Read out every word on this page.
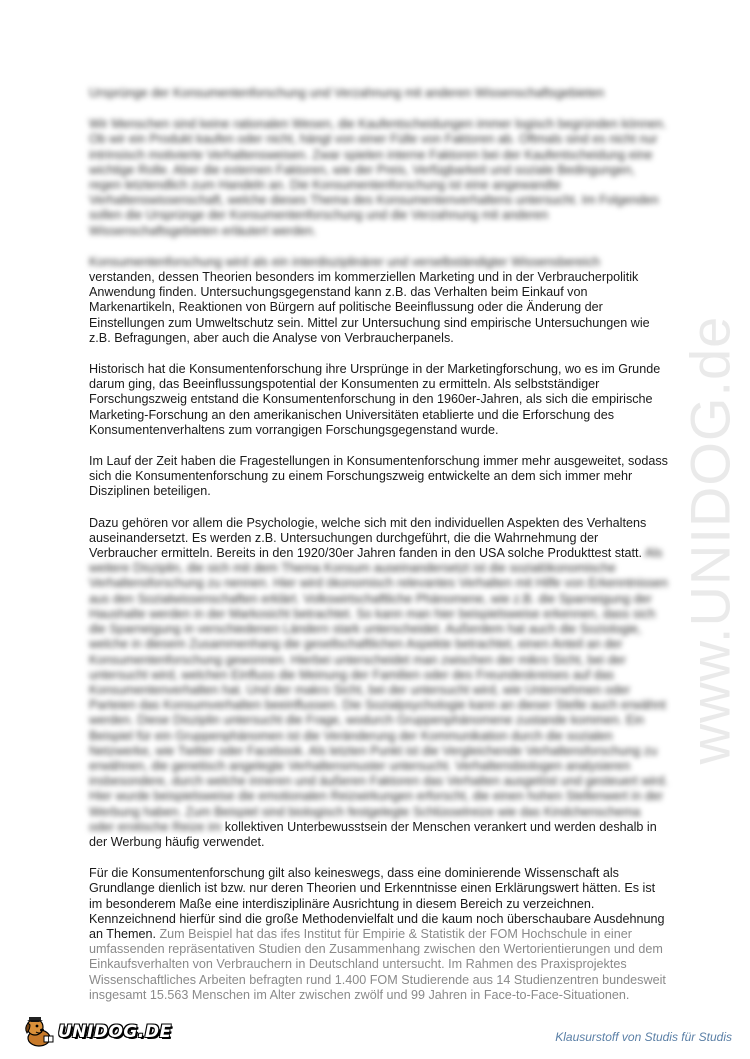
www.UNIDOG.de
Ursprünge der Konsumentenforschung und Verzahnung mit anderen Wissenschaftsgebieten

Wir Menschen sind keine rationalen Wesen, die Kaufentscheidungen immer logisch begründen können. Ob wir ein Produkt kaufen oder nicht, hängt von einer Fülle von Faktoren ab. Oftmals sind es nicht nur intrinsisch motivierte Verhaltensweisen. Zwar spielen interne Faktoren bei der Kaufentscheidung eine wichtige Rolle. Aber die externen Faktoren, wie der Preis, Verfügbarkeit und soziale Bedingungen, regen letztendlich zum Handeln an. Die Konsumentenforschung ist eine angewandte Verhaltenswissenschaft, welche dieses Thema des Konsumentenverhaltens untersucht. Im Folgenden sollen die Ursprünge der Konsumentenforschung und die Verzahnung mit anderen Wissenschaftsgebieten erläutert werden.

Konsumentenforschung wird als ein interdisziplinärer und verselbständigter Wissensbereich verstanden, dessen Theorien besonders im kommerziellen Marketing und in der Verbraucherpolitik Anwendung finden. Untersuchungsgegenstand kann z.B. das Verhalten beim Einkauf von Markenartikeln, Reaktionen von Bürgern auf politische Beeinflussung oder die Änderung der Einstellungen zum Umweltschutz sein. Mittel zur Untersuchung sind empirische Untersuchungen wie z.B. Befragungen, aber auch die Analyse von Verbraucherpanels.

Historisch hat die Konsumentenforschung ihre Ursprünge in der Marketingforschung, wo es im Grunde darum ging, das Beeinflussungspotential der Konsumenten zu ermitteln. Als selbstständiger Forschungszweig entstand die Konsumentenforschung in den 1960er-Jahren, als sich die empirische Marketing-Forschung an den amerikanischen Universitäten etablierte und die Erforschung des Konsumentenverhaltens zum vorrangigen Forschungsgegenstand wurde.

Im Lauf der Zeit haben die Fragestellungen in Konsumentenforschung immer mehr ausgeweitet, sodass sich die Konsumentenforschung zu einem Forschungszweig entwickelte an dem sich immer mehr Disziplinen beteiligen.

Dazu gehören vor allem die Psychologie, welche sich mit den individuellen Aspekten des Verhaltens auseinandersetzt. Es werden z.B. Untersuchungen durchgeführt, die die Wahrnehmung der Verbraucher ermitteln. Bereits in den 1920/30er Jahren fanden in den USA solche Produkttest statt. Als weitere Disziplin, die sich mit dem Thema Konsum auseinandersetzt ist die sozialökonomische Verhaltensforschung zu nennen. Hier wird ökonomisch relevantes Verhalten mit Hilfe von Erkenntnissen aus den Sozialwissenschaften erklärt. Volkswirtschaftliche Phänomene, wie z.B. die Sparneigung der Haushalte werden in der Markosicht betrachtet. So kann man hier beispielsweise erkennen, dass sich die Sparneigung in verschiedenen Ländern stark unterscheidet. Außerdem hat auch die Soziologie, welche in diesem Zusammenhang die gesellschaftlichen Aspekte betrachtet, einen Anteil an der Konsumentenforschung gewonnen. Hierbei unterscheidet man zwischen der mikro Sicht, bei der untersucht wird, welchen Einfluss die Meinung der Familien oder des Freundeskreises auf das Konsumentenverhalten hat. Und der makro Sicht, bei der untersucht wird, wie Unternehmen oder Parteien das Konsumverhalten beeinflussen. Die Sozialpsychologie kann an dieser Stelle auch erwähnt werden. Diese Disziplin untersucht die Frage, wodurch Gruppenphänomene zustande kommen. Ein Beispiel für ein Gruppenphänomen ist die Veränderung der Kommunikation durch die sozialen Netzwerke, wie Twitter oder Facebook. Als letzten Punkt ist die Vergleichende Verhaltensforschung zu erwähnen, die genetisch angelegte Verhaltensmuster untersucht. Verhaltensbiologen analysieren insbesondere, durch welche inneren und äußeren Faktoren das Verhalten ausgelöst und gesteuert wird. Hier wurde beispielsweise die emotionalen Reizwirkungen erforscht, die einen hohen Stellenwert in der Werbung haben. Zum Beispiel sind biologisch festgelegte Schlüsselreize wie das Kindchenschema oder erotische Reize im kollektiven Unterbewusstsein der Menschen verankert und werden deshalb in der Werbung häufig verwendet.

Für die Konsumentenforschung gilt also keineswegs, dass eine dominierende Wissenschaft als Grundlange dienlich ist bzw. nur deren Theorien und Erkenntnisse einen Erklärungswert hätten. Es ist im besonderem Maße eine interdisziplinäre Ausrichtung in diesem Bereich zu verzeichnen. Kennzeichnend hierfür sind die große Methodenvielfalt und die kaum noch überschaubare Ausdehnung an Themen. Zum Beispiel hat das ifes Institut für Empirie & Statistik der FOM Hochschule in einer umfassenden repräsentativen Studien den Zusammenhang zwischen den Wertorientierungen und dem Einkaufsverhalten von Verbrauchern in Deutschland untersucht. Im Rahmen des Praxisprojektes Wissenschaftliches Arbeiten befragten rund 1.400 FOM Studierende aus 14 Studienzentren bundesweit insgesamt 15.563 Menschen im Alter zwischen zwölf und 99 Jahren in Face-to-Face-Situationen.

UNIDOG.DE	Klausurstoff von Studis für Studis
